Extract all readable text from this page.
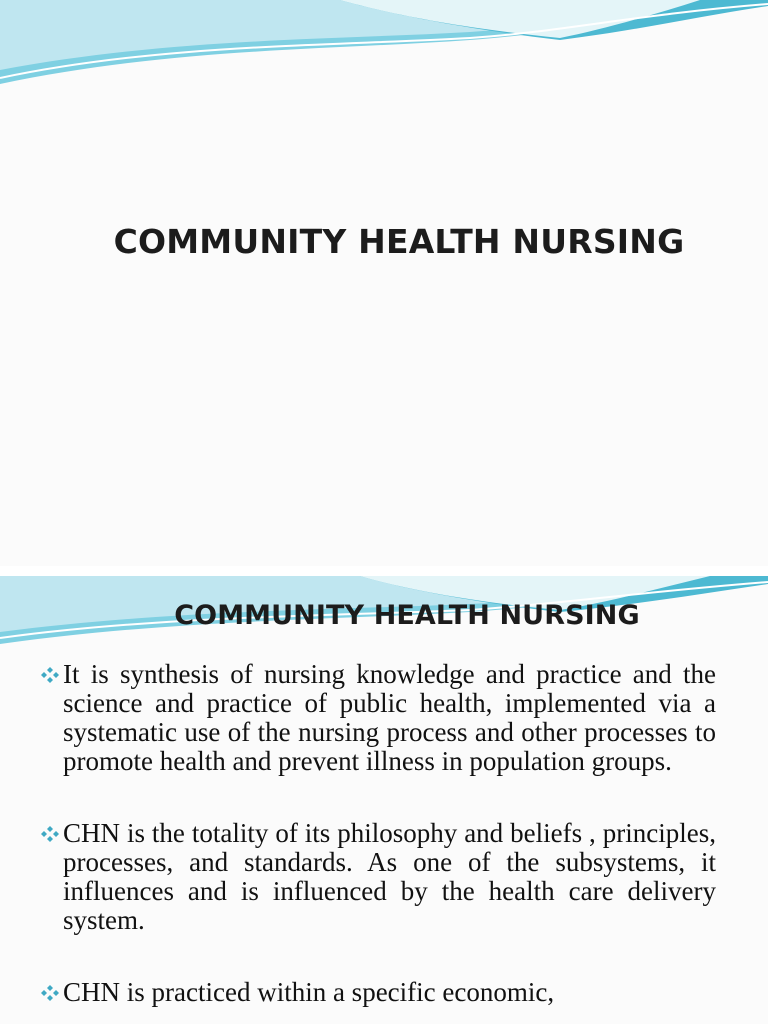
COMMUNITY HEALTH NURSING
COMMUNITY HEALTH NURSING
It is synthesis of nursing knowledge and practice and the science and practice of public health, implemented via a systematic use of the nursing process and other processes to promote health and prevent illness in population groups.
CHN is the totality of its philosophy and beliefs , principles, processes, and standards. As one of the subsystems, it influences and is influenced by the health care delivery system.
CHN is practiced within a specific economic,
